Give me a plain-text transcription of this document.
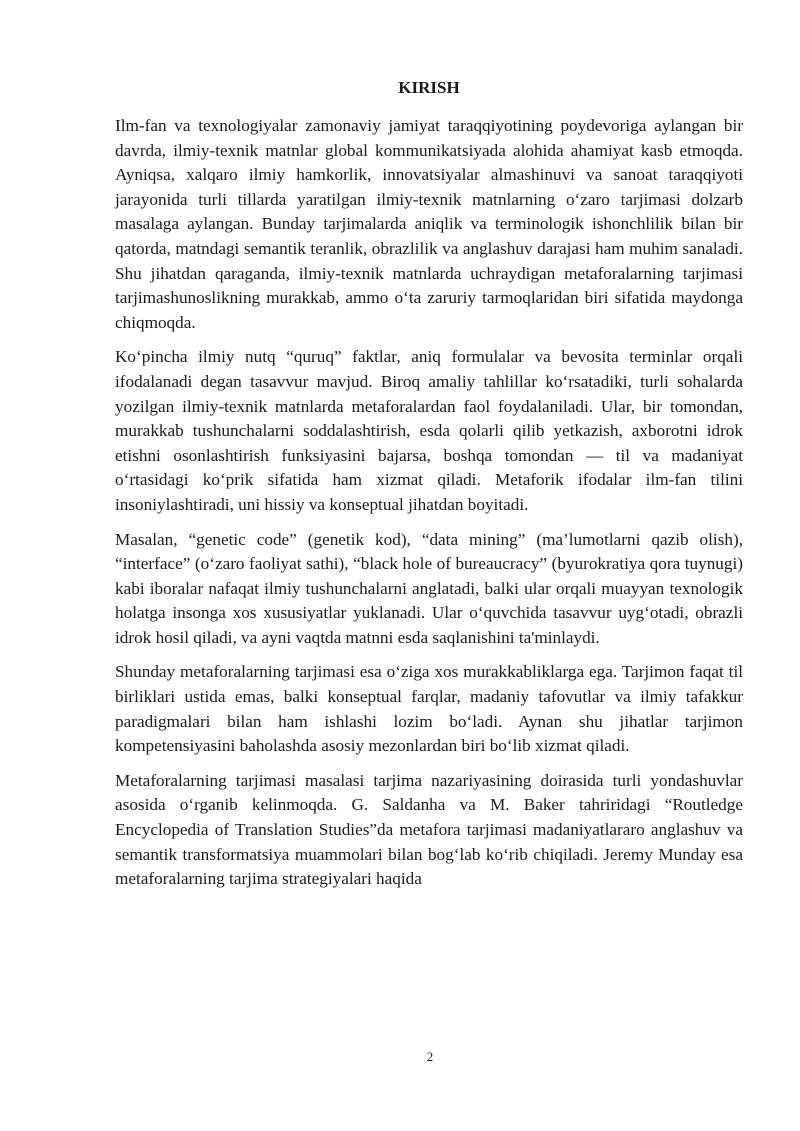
KIRISH

Ilm-fan va texnologiyalar zamonaviy jamiyat taraqqiyotining poydevoriga aylangan bir davrda, ilmiy-texnik matnlar global kommunikatsiyada alohida ahamiyat kasb etmoqda. Ayniqsa, xalqaro ilmiy hamkorlik, innovatsiyalar almashinuvi va sanoat taraqqiyoti jarayonida turli tillarda yaratilgan ilmiy-texnik matnlarning o‘zaro tarjimasi dolzarb masalaga aylangan. Bunday tarjimalarda aniqlik va terminologik ishonchlilik bilan bir qatorda, matndagi semantik teranlik, obrazlilik va anglashuv darajasi ham muhim sanaladi. Shu jihatdan qaraganda, ilmiy-texnik matnlarda uchraydigan metaforalarning tarjimasi tarjimashunoslikning murakkab, ammo o‘ta zaruriy tarmoqlaridan biri sifatida maydonga chiqmoqda.

Ko‘pincha ilmiy nutq “quruq” faktlar, aniq formulalar va bevosita terminlar orqali ifodalanadi degan tasavvur mavjud. Biroq amaliy tahlillar ko‘rsatadiki, turli sohalarda yozilgan ilmiy-texnik matnlarda metaforalardan faol foydalaniladi. Ular, bir tomondan, murakkab tushunchalarni soddalashtirish, esda qolarli qilib yetkazish, axborotni idrok etishni osonlashtirish funksiyasini bajarsa, boshqa tomondan — til va madaniyat o‘rtasidagi ko‘prik sifatida ham xizmat qiladi. Metaforik ifodalar ilm-fan tilini insoniylashtiradi, uni hissiy va konseptual jihatdan boyitadi.

Masalan, “genetic code” (genetik kod), “data mining” (ma’lumotlarni qazib olish), “interface” (o‘zaro faoliyat sathi), “black hole of bureaucracy” (byurokratiya qora tuynugi) kabi iboralar nafaqat ilmiy tushunchalarni anglatadi, balki ular orqali muayyan texnologik holatga insonga xos xususiyatlar yuklanadi. Ular o‘quvchida tasavvur uyg‘otadi, obrazli idrok hosil qiladi, va ayni vaqtda matnni esda saqlanishini ta'minlaydi.

Shunday metaforalarning tarjimasi esa o‘ziga xos murakkabliklarga ega. Tarjimon faqat til birliklari ustida emas, balki konseptual farqlar, madaniy tafovutlar va ilmiy tafakkur paradigmalari bilan ham ishlashi lozim bo‘ladi. Aynan shu jihatlar tarjimon kompetensiyasini baholashda asosiy mezonlardan biri bo‘lib xizmat qiladi.

Metaforalarning tarjimasi masalasi tarjima nazariyasining doirasida turli yondashuvlar asosida o‘rganib kelinmoqda. G. Saldanha va M. Baker tahriridagi “Routledge Encyclopedia of Translation Studies”da metafora tarjimasi madaniyatlararo anglashuv va semantik transformatsiya muammolari bilan bog‘lab ko‘rib chiqiladi. Jeremy Munday esa metaforalarning tarjima strategiyalari haqida

2
